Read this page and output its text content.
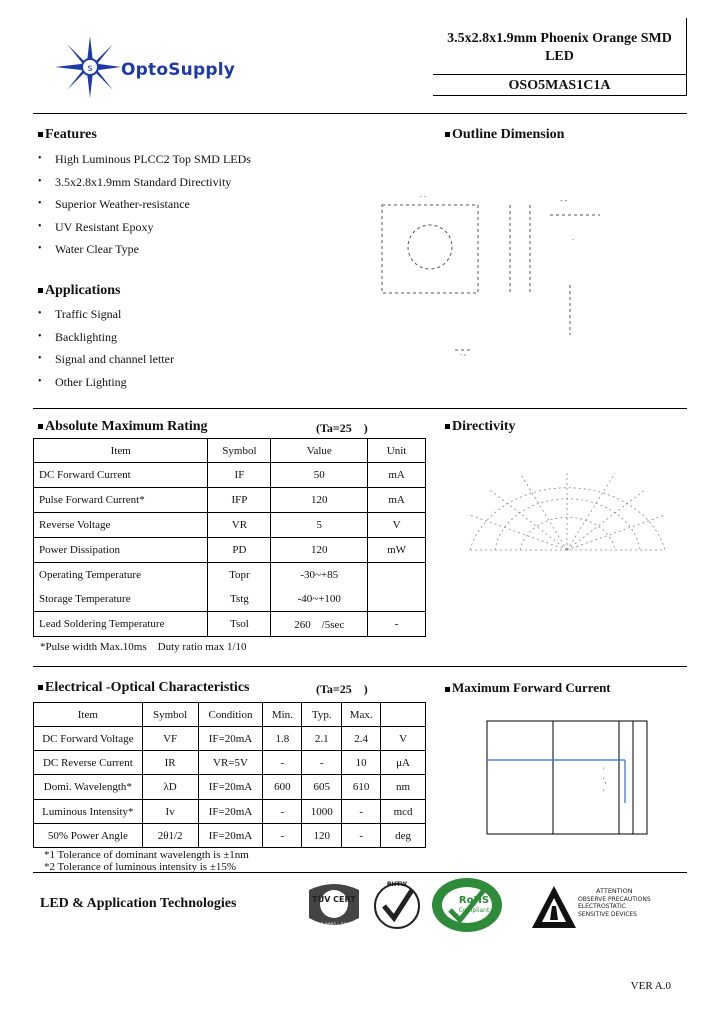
s OptoSupply
3.5x2.8x1.9mm Phoenix Orange SMD
LED
OSO5MAS1C1A
Features
• High Luminous PLCC2 Top SMD LEDs
• 3.5x2.8x1.9mm Standard Directivity
• Superior Weather-resistance
• UV Resistant Epoxy
• Water Clear Type
Applications
• Traffic Signal
• Backlighting
• Signal and channel letter
• Other Lighting
Outline Dimension
. .
- -
.
. ,
Absolute Maximum Rating	(Ta=25　)
Item	Symbol	Value	Unit
DC Forward Current	IF	50	mA
Pulse Forward Current*	IFP	120	mA
Reverse Voltage	VR	5	V
Power Dissipation	PD	120	mW
Operating Temperature	Topr	-30~+85	
Storage Temperature	Tstg	-40~+100	
Lead Soldering Temperature	Tsol	260　/5sec	-
*Pulse width Max.10ms　Duty ratio max 1/10
Directivity
Electrical -Optical Characteristics	(Ta=25　)
Item	Symbol	Condition	Min.	Typ.	Max.	
DC Forward Voltage	VF	IF=20mA	1.8	2.1	2.4	V
DC Reverse Current	IR	VR=5V	-	-	10	μA
Domi. Wavelength*	λD	IF=20mA	600	605	610	nm
Luminous Intensity*	Iv	IF=20mA	-	1000	-	mcd
50% Power Angle	2θ1/2	IF=20mA	-	120	-	deg
*1 Tolerance of dominant wavelength is ±1nm
*2 Tolerance of luminous intensity is ±15%
Maximum Forward Current
'
',
'
LED & Application Technologies	TÜV CERT
ISO 9001 : 2000
PHTW
RoHS
Compliant
ATTENTION
OBSERVE PRECAUTIONS
ELECTROSTATIC
SENSITIVE DEVICES
VER A.0
